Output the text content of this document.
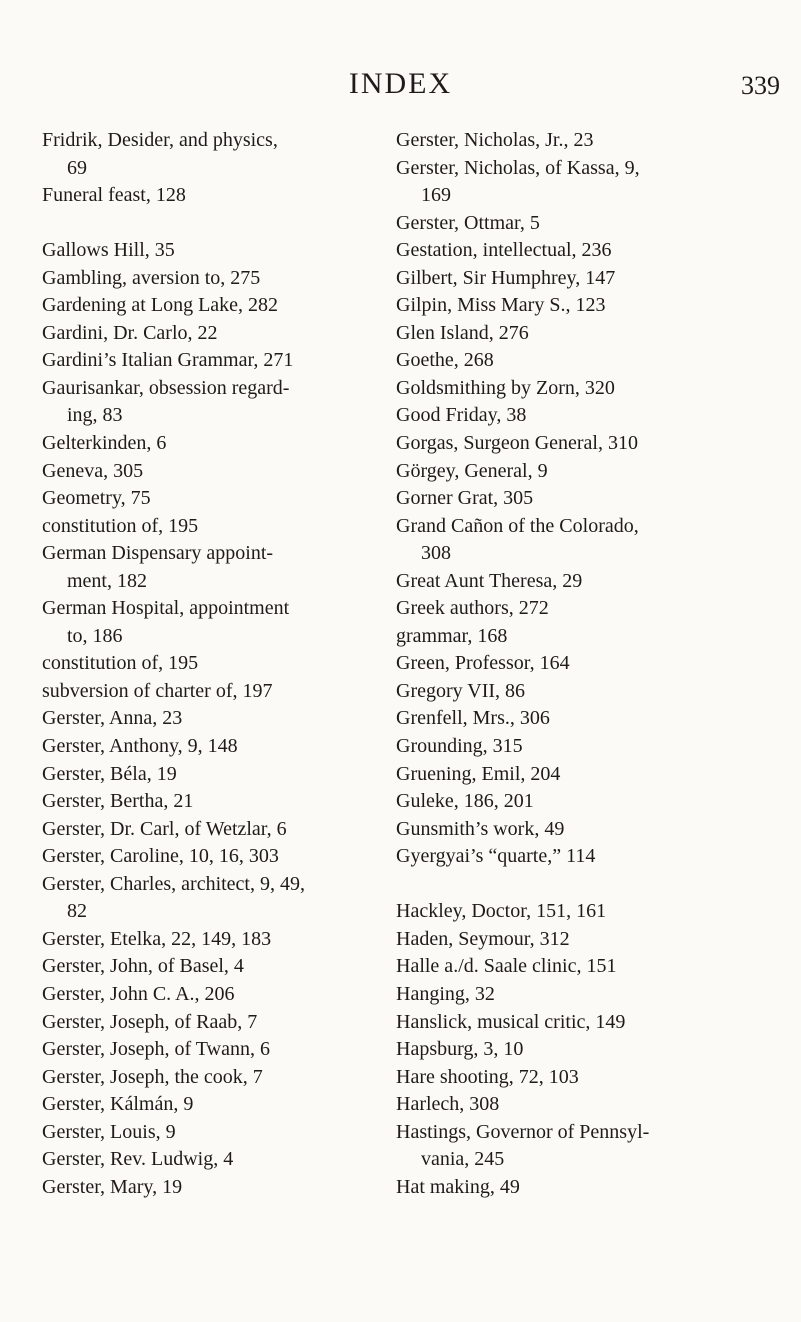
INDEX	339
Fridrik, Desider, and physics,
69
Funeral feast, 128
Gallows Hill, 35
Gambling, aversion to, 275
Gardening at Long Lake, 282
Gardini, Dr. Carlo, 22
Gardini’s Italian Grammar, 271
Gaurisankar, obsession regard-
ing, 83
Gelterkinden, 6
Geneva, 305
Geometry, 75
constitution of, 195
German Dispensary appoint-
ment, 182
German Hospital, appointment
to, 186
constitution of, 195
subversion of charter of, 197
Gerster, Anna, 23
Gerster, Anthony, 9, 148
Gerster, Béla, 19
Gerster, Bertha, 21
Gerster, Dr. Carl, of Wetzlar, 6
Gerster, Caroline, 10, 16, 303
Gerster, Charles, architect, 9, 49,
82
Gerster, Etelka, 22, 149, 183
Gerster, John, of Basel, 4
Gerster, John C. A., 206
Gerster, Joseph, of Raab, 7
Gerster, Joseph, of Twann, 6
Gerster, Joseph, the cook, 7
Gerster, Kálmán, 9
Gerster, Louis, 9
Gerster, Rev. Ludwig, 4
Gerster, Mary, 19
Gerster, Nicholas, Jr., 23
Gerster, Nicholas, of Kassa, 9,
169
Gerster, Ottmar, 5
Gestation, intellectual, 236
Gilbert, Sir Humphrey, 147
Gilpin, Miss Mary S., 123
Glen Island, 276
Goethe, 268
Goldsmithing by Zorn, 320
Good Friday, 38
Gorgas, Surgeon General, 310
Görgey, General, 9
Gorner Grat, 305
Grand Cañon of the Colorado,
308
Great Aunt Theresa, 29
Greek authors, 272
grammar, 168
Green, Professor, 164
Gregory VII, 86
Grenfell, Mrs., 306
Grounding, 315
Gruening, Emil, 204
Guleke, 186, 201
Gunsmith’s work, 49
Gyergyai’s “quarte,” 114
Hackley, Doctor, 151, 161
Haden, Seymour, 312
Halle a./d. Saale clinic, 151
Hanging, 32
Hanslick, musical critic, 149
Hapsburg, 3, 10
Hare shooting, 72, 103
Harlech, 308
Hastings, Governor of Pennsyl-
vania, 245
Hat making, 49
